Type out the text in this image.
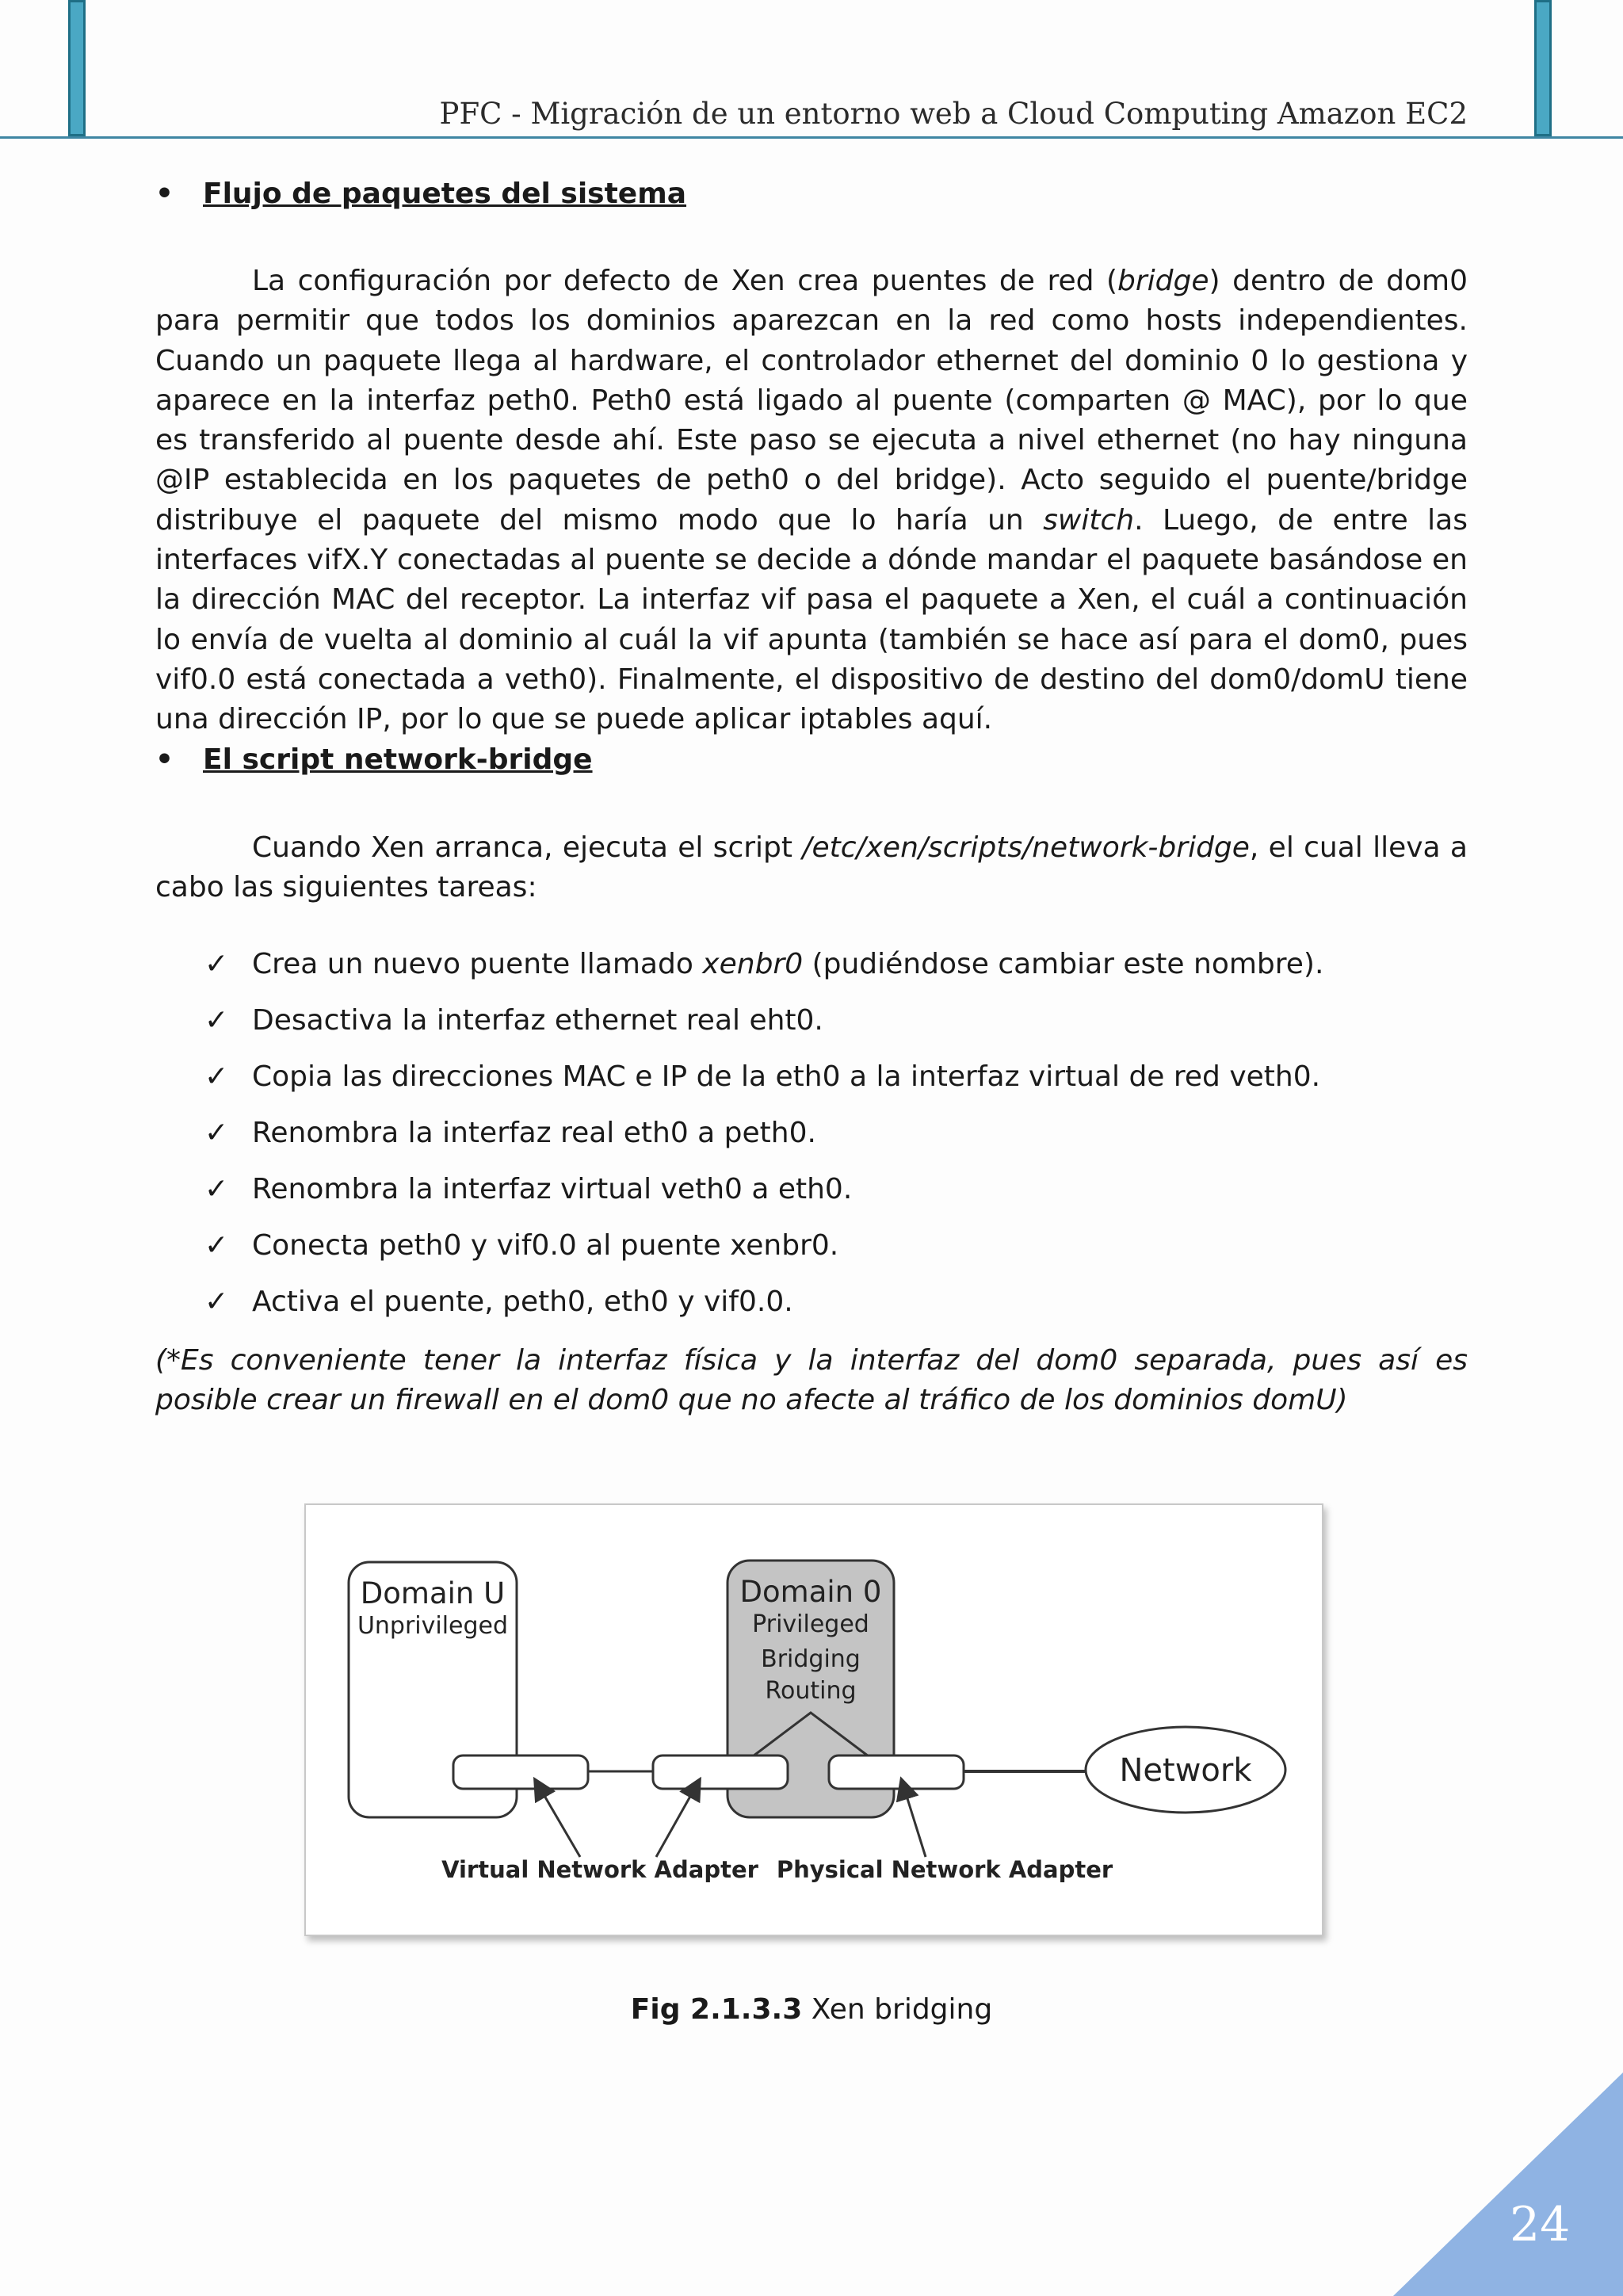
PFC - Migración de un entorno web a Cloud Computing Amazon EC2
• Flujo de paquetes del sistema
La configuración por defecto de Xen crea puentes de red (bridge) dentro de dom0 para permitir que todos los dominios aparezcan en la red como hosts independientes. Cuando un paquete llega al hardware, el controlador ethernet del dominio 0 lo gestiona y aparece en la interfaz peth0. Peth0 está ligado al puente (comparten @ MAC), por lo que es transferido al puente desde ahí. Este paso se ejecuta a nivel ethernet (no hay ninguna @IP establecida en los paquetes de peth0 o del bridge). Acto seguido el puente/bridge distribuye el paquete del mismo modo que lo haría un switch. Luego, de entre las interfaces vifX.Y conectadas al puente se decide a dónde mandar el paquete basándose en la dirección MAC del receptor. La interfaz vif pasa el paquete a Xen, el cuál a continuación lo envía de vuelta al dominio al cuál la vif apunta (también se hace así para el dom0, pues vif0.0 está conectada a veth0). Finalmente, el dispositivo de destino del dom0/domU tiene una dirección IP, por lo que se puede aplicar iptables aquí.
• El script network-bridge
Cuando Xen arranca, ejecuta el script /etc/xen/scripts/network-bridge, el cual lleva a cabo las siguientes tareas:
✓ Crea un nuevo puente llamado xenbr0 (pudiéndose cambiar este nombre).
✓ Desactiva la interfaz ethernet real eht0.
✓ Copia las direcciones MAC e IP de la eth0 a la interfaz virtual de red veth0.
✓ Renombra la interfaz real eth0 a peth0.
✓ Renombra la interfaz virtual veth0 a eth0.
✓ Conecta peth0 y vif0.0 al puente xenbr0.
✓ Activa el puente, peth0, eth0 y vif0.0.
(*Es conveniente tener la interfaz física y la interfaz del dom0 separada, pues así es posible crear un firewall en el dom0 que no afecte al tráfico de los dominios domU)
Domain U
Unprivileged
Domain 0
Privileged
Bridging
Routing
Network
Virtual Network Adapter Physical Network Adapter
Fig 2.1.3.3 Xen bridging
24
